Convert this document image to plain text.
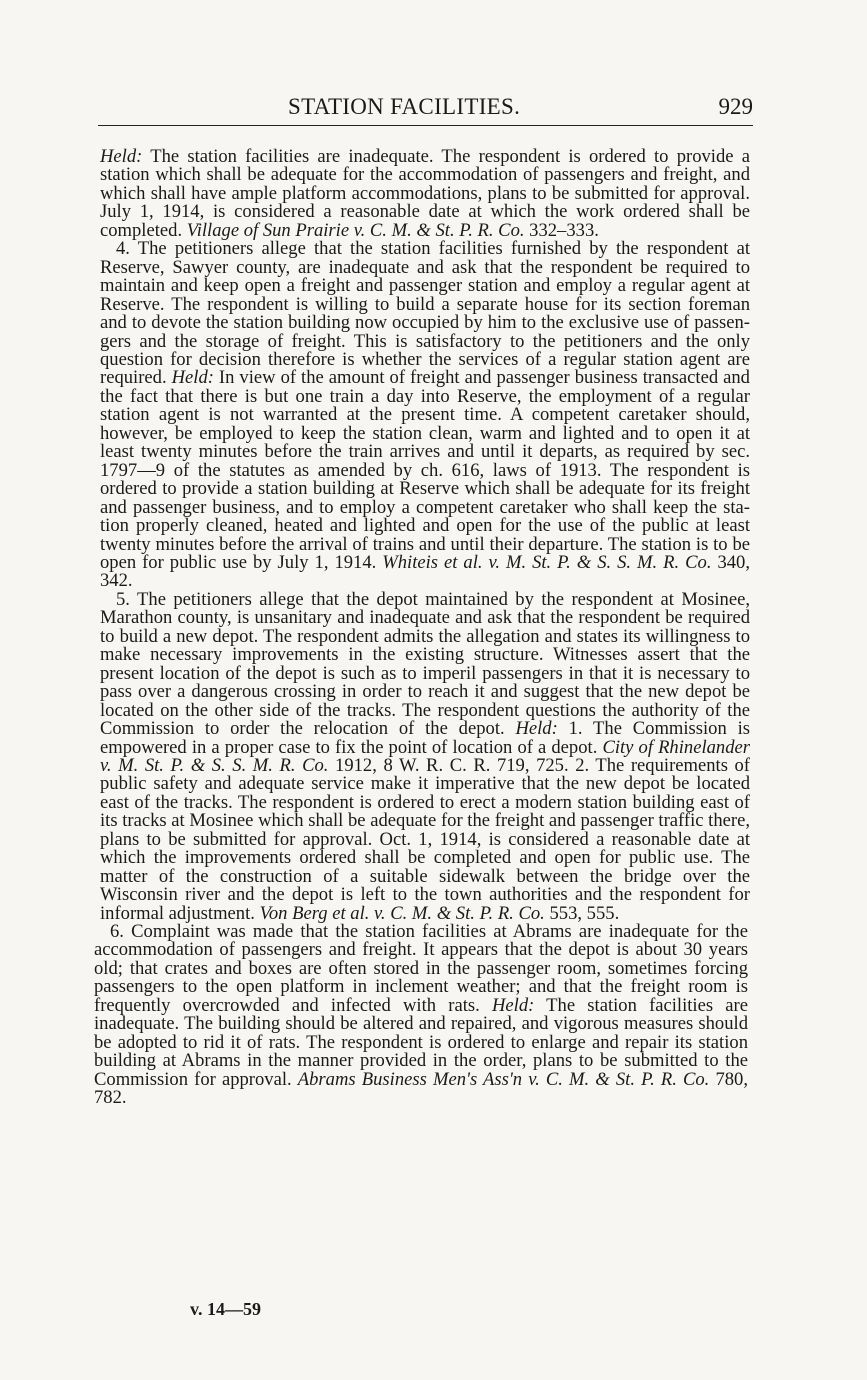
STATION FACILITIES.	929

Held: The station facilities are inadequate. The respondent is ordered to provide a station which shall be adequate for the accommodation of passengers and freight, and which shall have ample platform accommodations, plans to be submitted for approval. July 1, 1914, is considered a reasonable date at which the work ordered shall be completed. Village of Sun Prairie v. C. M. & St. P. R. Co. 332–333.

4. The petitioners allege that the station facilities furnished by the respondent at Reserve, Sawyer county, are inadequate and ask that the respondent be required to maintain and keep open a freight and passenger station and employ a regular agent at Reserve. The respondent is willing to build a separate house for its section foreman and to devote the station building now occupied by him to the exclusive use of passengers and the storage of freight. This is satisfactory to the petitioners and the only question for decision therefore is whether the services of a regular station agent are required. Held: In view of the amount of freight and passenger business transacted and the fact that there is but one train a day into Reserve, the employment of a regular station agent is not warranted at the present time. A competent caretaker should, however, be employed to keep the station clean, warm and lighted and to open it at least twenty minutes before the train arrives and until it departs, as required by sec. 1797—9 of the statutes as amended by ch. 616, laws of 1913. The respondent is ordered to provide a station building at Reserve which shall be adequate for its freight and passenger business, and to employ a competent caretaker who shall keep the station properly cleaned, heated and lighted and open for the use of the public at least twenty minutes before the arrival of trains and until their departure. The station is to be open for public use by July 1, 1914. Whiteis et al. v. M. St. P. & S. S. M. R. Co. 340, 342.

5. The petitioners allege that the depot maintained by the respondent at Mosinee, Marathon county, is unsanitary and inadequate and ask that the respondent be required to build a new depot. The respondent admits the allegation and states its willingness to make necessary improvements in the existing structure. Witnesses assert that the present location of the depot is such as to imperil passengers in that it is necessary to pass over a dangerous crossing in order to reach it and suggest that the new depot be located on the other side of the tracks. The respondent questions the authority of the Commission to order the relocation of the depot. Held: 1. The Commission is empowered in a proper case to fix the point of location of a depot. City of Rhinelander v. M. St. P. & S. S. M. R. Co. 1912, 8 W. R. C. R. 719, 725. 2. The requirements of public safety and adequate service make it imperative that the new depot be located east of the tracks. The respondent is ordered to erect a modern station building east of its tracks at Mosinee which shall be adequate for the freight and passenger traffic there, plans to be submitted for approval. Oct. 1, 1914, is considered a reasonable date at which the improvements ordered shall be completed and open for public use. The matter of the construction of a suitable sidewalk between the bridge over the Wisconsin river and the depot is left to the town authorities and the respondent for informal adjustment. Von Berg et al. v. C. M. & St. P. R. Co. 553, 555.

6. Complaint was made that the station facilities at Abrams are inadequate for the accommodation of passengers and freight. It appears that the depot is about 30 years old; that crates and boxes are often stored in the passenger room, sometimes forcing passengers to the open platform in inclement weather; and that the freight room is frequently overcrowded and infected with rats. Held: The station facilities are inadequate. The building should be altered and repaired, and vigorous measures should be adopted to rid it of rats. The respondent is ordered to enlarge and repair its station building at Abrams in the manner provided in the order, plans to be submitted to the Commission for approval. Abrams Business Men's Ass'n v. C. M. & St. P. R. Co. 780, 782.

v. 14—59
